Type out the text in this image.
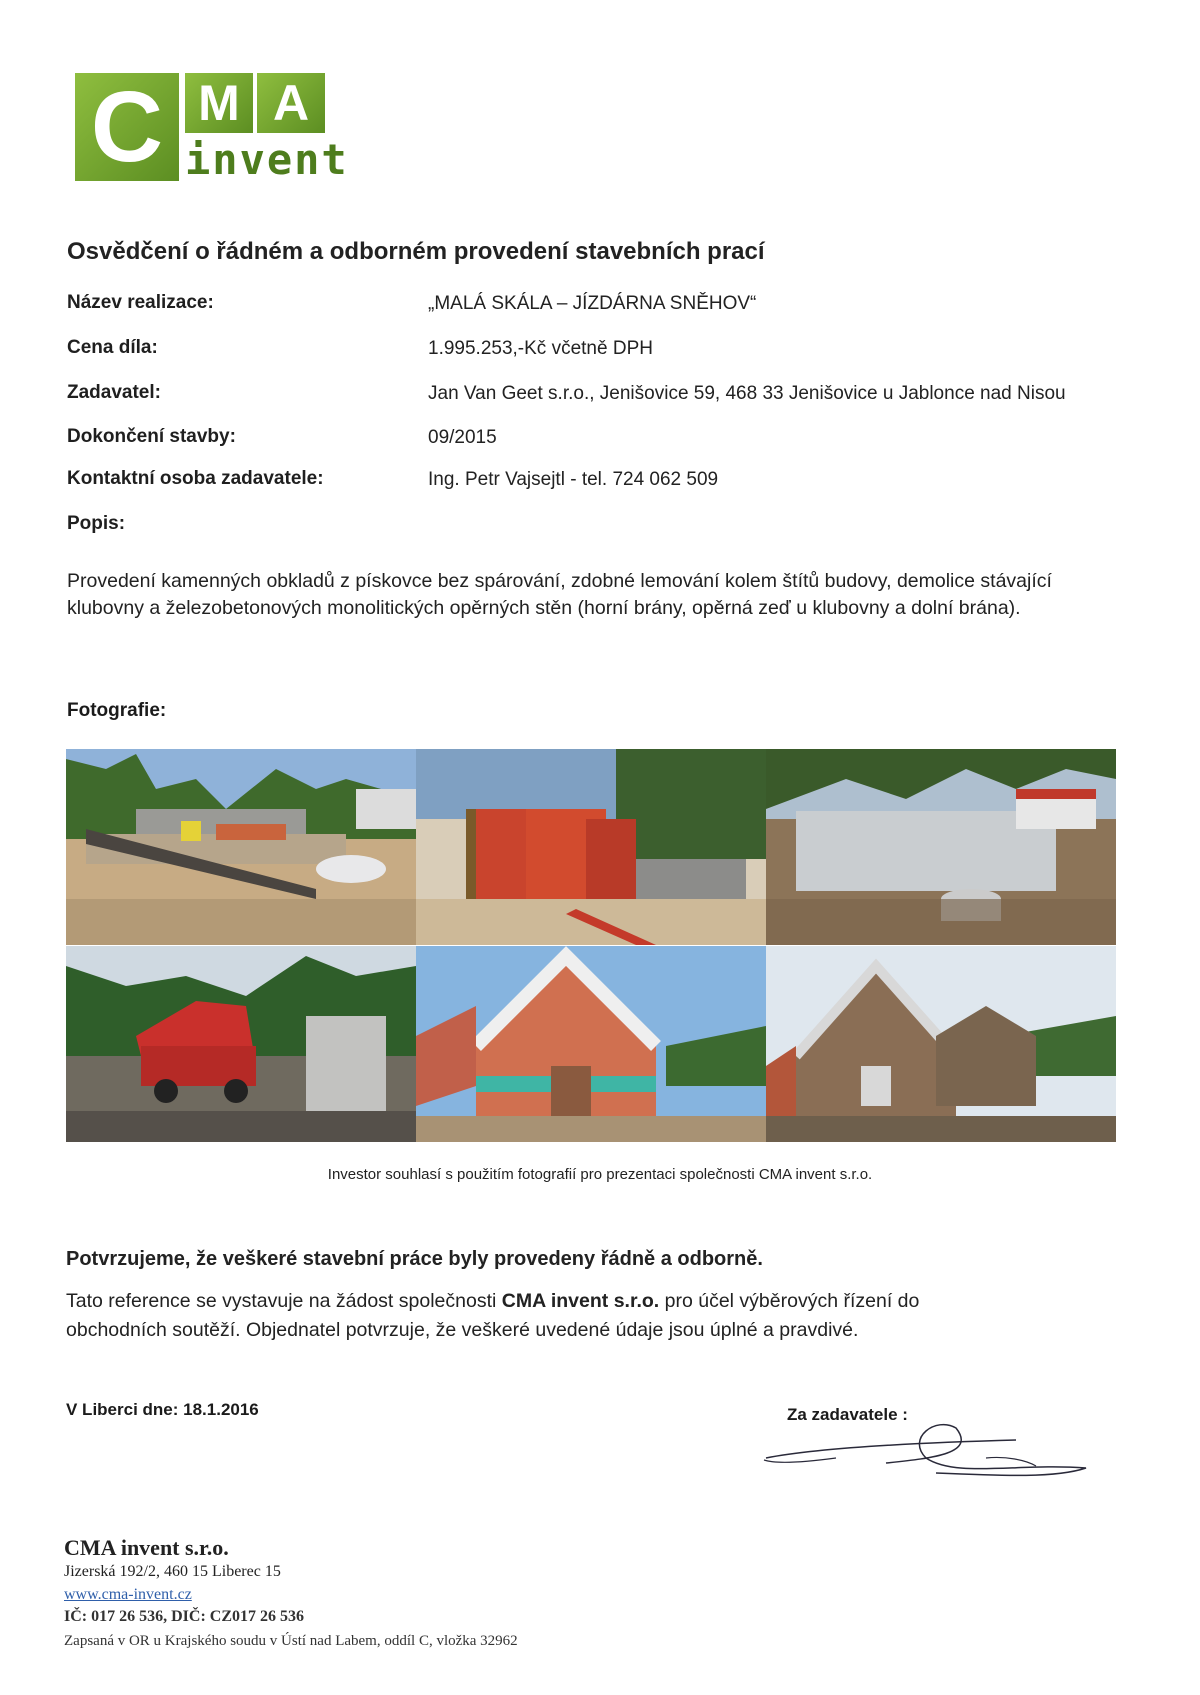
C M A
invent
Osvědčení o řádném a odborném provedení stavebních prací
Název realizace:	„MALÁ SKÁLA – JÍZDÁRNA SNĚHOV“
Cena díla:	1.995.253,-Kč včetně DPH
Zadavatel:	Jan Van Geet s.r.o., Jenišovice 59, 468 33 Jenišovice u Jablonce nad Nisou
Dokončení stavby:	09/2015
Kontaktní osoba zadavatele:	Ing. Petr Vajsejtl - tel. 724 062 509
Popis:
Provedení kamenných obkladů z pískovce bez spárování, zdobné lemování kolem štítů budovy, demolice stávající klubovny a železobetonových monolitických opěrných stěn (horní brány, opěrná zeď u klubovny a dolní brána).
Fotografie:
Investor souhlasí s použitím fotografií pro prezentaci společnosti CMA invent s.r.o.
Potvrzujeme, že veškeré stavební práce byly provedeny řádně a odborně.
Tato reference se vystavuje na žádost společnosti CMA invent s.r.o. pro účel výběrových řízení do obchodních soutěží. Objednatel potvrzuje, že veškeré uvedené údaje jsou úplné a pravdivé.
V Liberci dne: 18.1.2016	Za zadavatele :
CMA invent s.r.o.
Jizerská 192/2, 460 15 Liberec 15
www.cma-invent.cz
IČ: 017 26 536, DIČ: CZ017 26 536
Zapsaná v OR u Krajského soudu v Ústí nad Labem, oddíl C, vložka 32962
